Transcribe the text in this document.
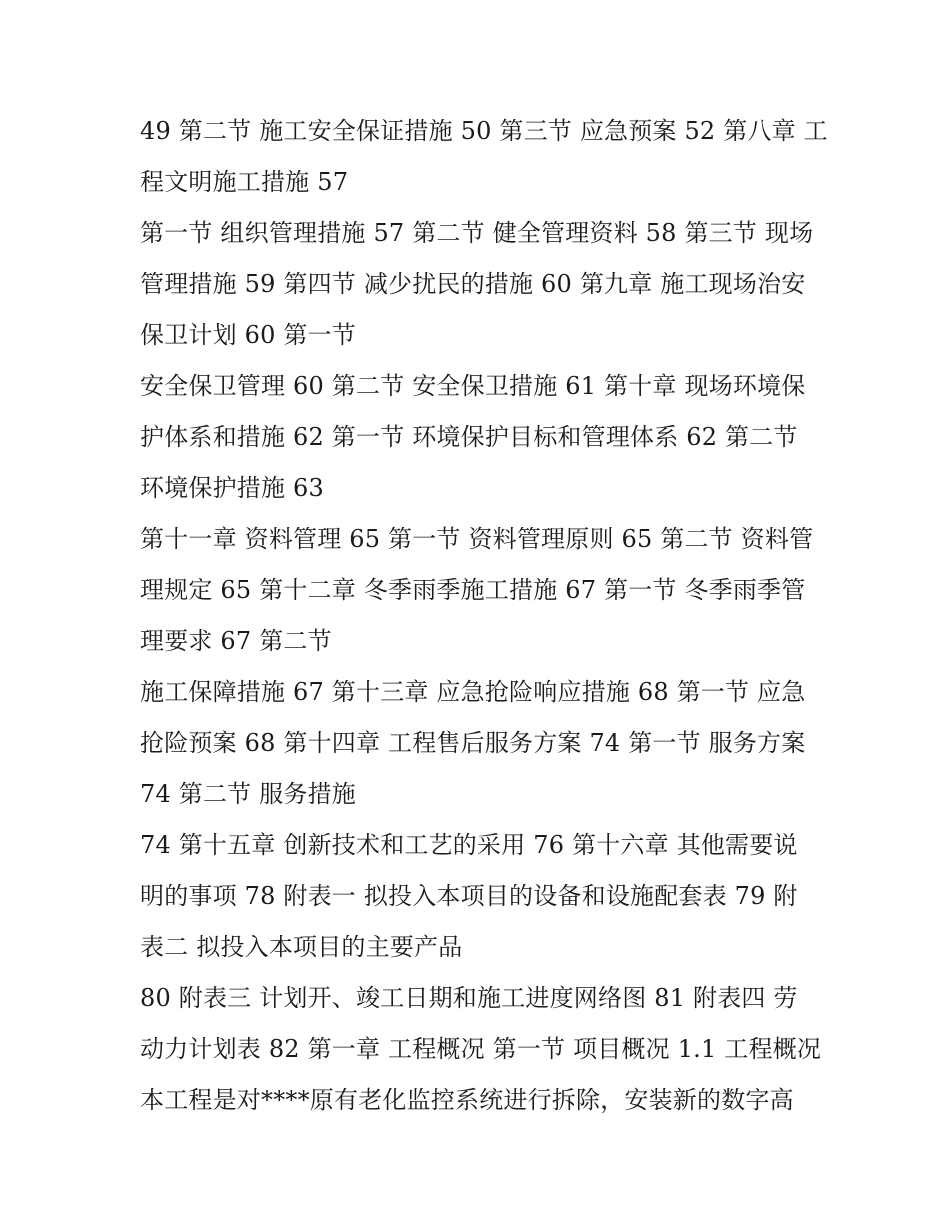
49 第二节 施工安全保证措施 50 第三节 应急预案 52 第八章 工
程文明施工措施 57
第一节 组织管理措施 57 第二节 健全管理资料 58 第三节 现场
管理措施 59 第四节 减少扰民的措施 60 第九章 施工现场治安
保卫计划 60 第一节
安全保卫管理 60 第二节 安全保卫措施 61 第十章 现场环境保
护体系和措施 62 第一节 环境保护目标和管理体系 62 第二节
环境保护措施 63
第十一章 资料管理 65 第一节 资料管理原则 65 第二节 资料管
理规定 65 第十二章 冬季雨季施工措施 67 第一节 冬季雨季管
理要求 67 第二节
施工保障措施 67 第十三章 应急抢险响应措施 68 第一节 应急
抢险预案 68 第十四章 工程售后服务方案 74 第一节 服务方案
74 第二节 服务措施
74 第十五章 创新技术和工艺的采用 76 第十六章 其他需要说
明的事项 78 附表一 拟投入本项目的设备和设施配套表 79 附
表二 拟投入本项目的主要产品
80 附表三 计划开、竣工日期和施工进度网络图 81 附表四 劳
动力计划表 82 第一章 工程概况 第一节 项目概况 1.1 工程概况
本工程是对****原有老化监控系统进行拆除，安装新的数字高
